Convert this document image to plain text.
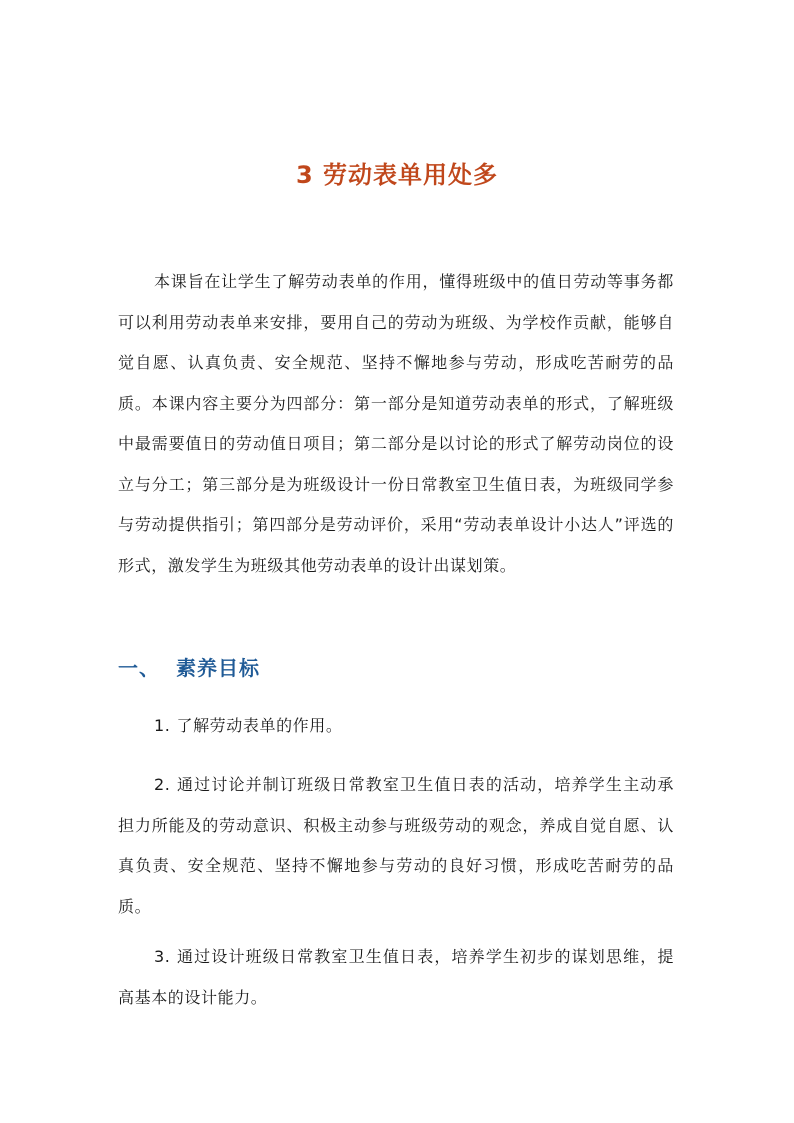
3 劳动表单用处多

本课旨在让学生了解劳动表单的作用，懂得班级中的值日劳动等事务都可以利用劳动表单来安排，要用自己的劳动为班级、为学校作贡献，能够自觉自愿、认真负责、安全规范、坚持不懈地参与劳动，形成吃苦耐劳的品质。本课内容主要分为四部分：第一部分是知道劳动表单的形式，了解班级中最需要值日的劳动值日项目；第二部分是以讨论的形式了解劳动岗位的设立与分工；第三部分是为班级设计一份日常教室卫生值日表，为班级同学参与劳动提供指引；第四部分是劳动评价，采用“劳动表单设计小达人”评选的形式，激发学生为班级其他劳动表单的设计出谋划策。

一、 素养目标

1. 了解劳动表单的作用。

2. 通过讨论并制订班级日常教室卫生值日表的活动，培养学生主动承担力所能及的劳动意识、积极主动参与班级劳动的观念，养成自觉自愿、认真负责、安全规范、坚持不懈地参与劳动的良好习惯，形成吃苦耐劳的品质。

3. 通过设计班级日常教室卫生值日表，培养学生初步的谋划思维，提高基本的设计能力。
